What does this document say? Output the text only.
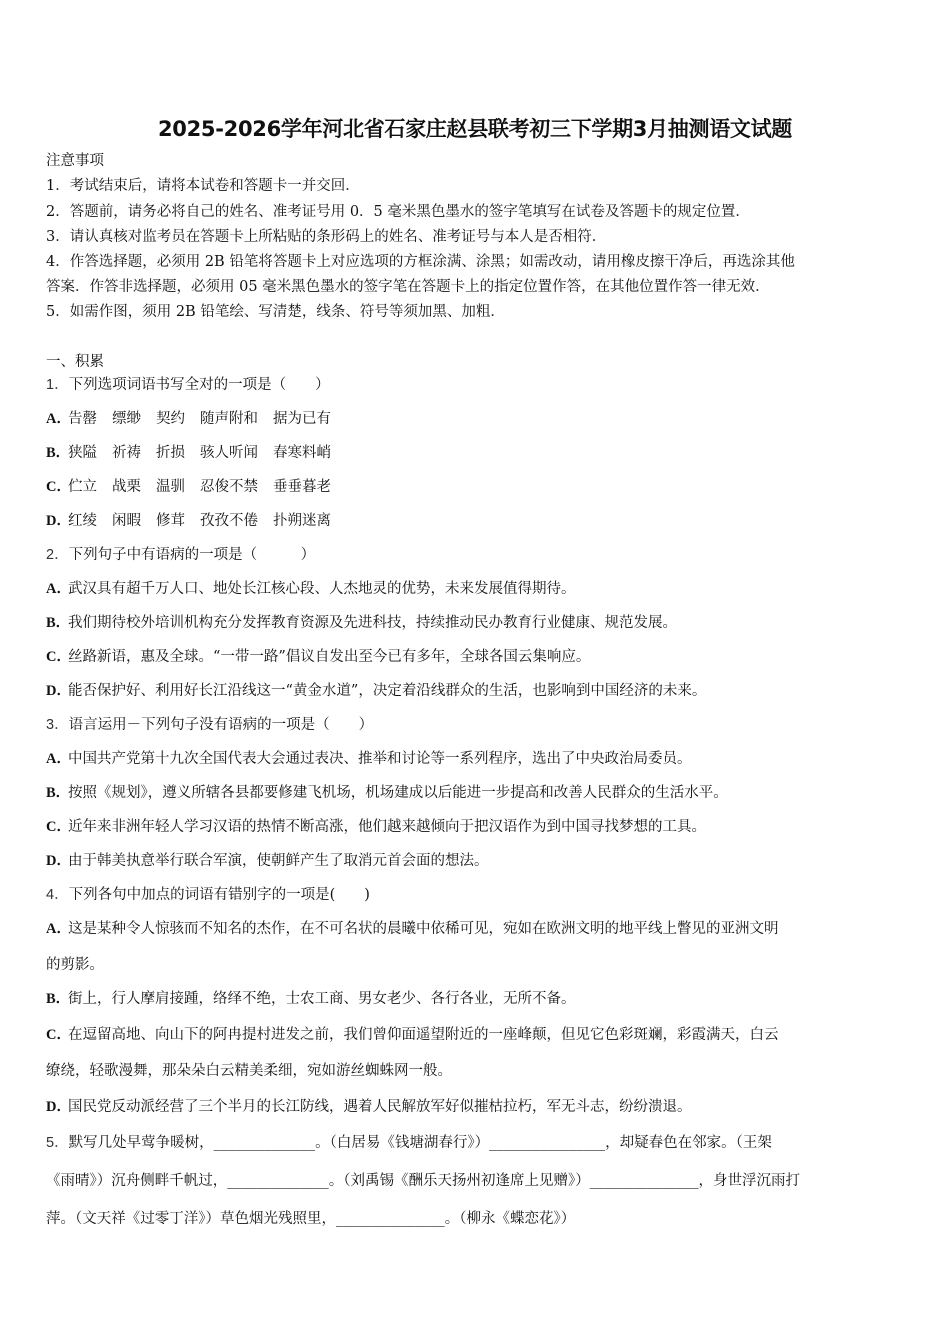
2025-2026学年河北省石家庄赵县联考初三下学期3月抽测语文试题
注意事项
1．考试结束后，请将本试卷和答题卡一并交回．
2．答题前，请务必将自己的姓名、准考证号用 0．5 毫米黑色墨水的签字笔填写在试卷及答题卡的规定位置．
3．请认真核对监考员在答题卡上所粘贴的条形码上的姓名、准考证号与本人是否相符．
4．作答选择题，必须用 2B 铅笔将答题卡上对应选项的方框涂满、涂黑；如需改动，请用橡皮擦干净后，再选涂其他
答案．作答非选择题，必须用 05 毫米黑色墨水的签字笔在答题卡上的指定位置作答，在其他位置作答一律无效．
5．如需作图，须用 2B 铅笔绘、写清楚，线条、符号等须加黑、加粗．
一、积累
1．下列选项词语书写全对的一项是（　　）
A．告罄 缥缈 契约 随声附和 据为已有
B．狭隘 祈祷 折损 骇人听闻 春寒料峭
C．伫立 战栗 温驯 忍俊不禁 垂垂暮老
D．红绫 闲暇 修茸 孜孜不倦 扑朔迷离
2．下列句子中有语病的一项是（　　　）
A．武汉具有超千万人口、地处长江核心段、人杰地灵的优势，未来发展值得期待。
B．我们期待校外培训机构充分发挥教育资源及先进科技，持续推动民办教育行业健康、规范发展。
C．丝路新语，惠及全球。“一带一路”倡议自发出至今已有多年，全球各国云集响应。
D．能否保护好、利用好长江沿线这一“黄金水道”，决定着沿线群众的生活，也影响到中国经济的未来。
3．语言运用－下列句子没有语病的一项是（　　）
A．中国共产党第十九次全国代表大会通过表决、推举和讨论等一系列程序，选出了中央政治局委员。
B．按照《规划》，遵义所辖各县都要修建飞机场，机场建成以后能进一步提高和改善人民群众的生活水平。
C．近年来非洲年轻人学习汉语的热情不断高涨，他们越来越倾向于把汉语作为到中国寻找梦想的工具。
D．由于韩美执意举行联合军演，使朝鲜产生了取消元首会面的想法。
4．下列各句中加点的词语有错别字的一项是(　　)
A．这是某种令人惊骇而不知名的杰作，在不可名状的晨曦中依稀可见，宛如在欧洲文明的地平线上瞥见的亚洲文明
的剪影。
B．街上，行人摩肩接踵，络绎不绝，士农工商、男女老少、各行各业，无所不备。
C．在逗留高地、向山下的阿冉提村进发之前，我们曾仰面遥望附近的一座峰颠，但见它色彩斑斓，彩霞满天，白云
缭绕，轻歌漫舞，那朵朵白云精美柔细，宛如游丝蜘蛛网一般。
D．国民党反动派经营了三个半月的长江防线，遇着人民解放军好似摧枯拉朽，军无斗志，纷纷溃退。
5．默写几处早莺争暖树，______________。（白居易《钱塘湖春行》）________________，却疑春色在邻家。（王架
《雨晴》）沉舟侧畔千帆过，______________。（刘禹锡《酬乐天扬州初逢席上见赠》）_______________，身世浮沉雨打
萍。（文天祥《过零丁洋》）草色烟光残照里，_______________。（柳永《蝶恋花》）
